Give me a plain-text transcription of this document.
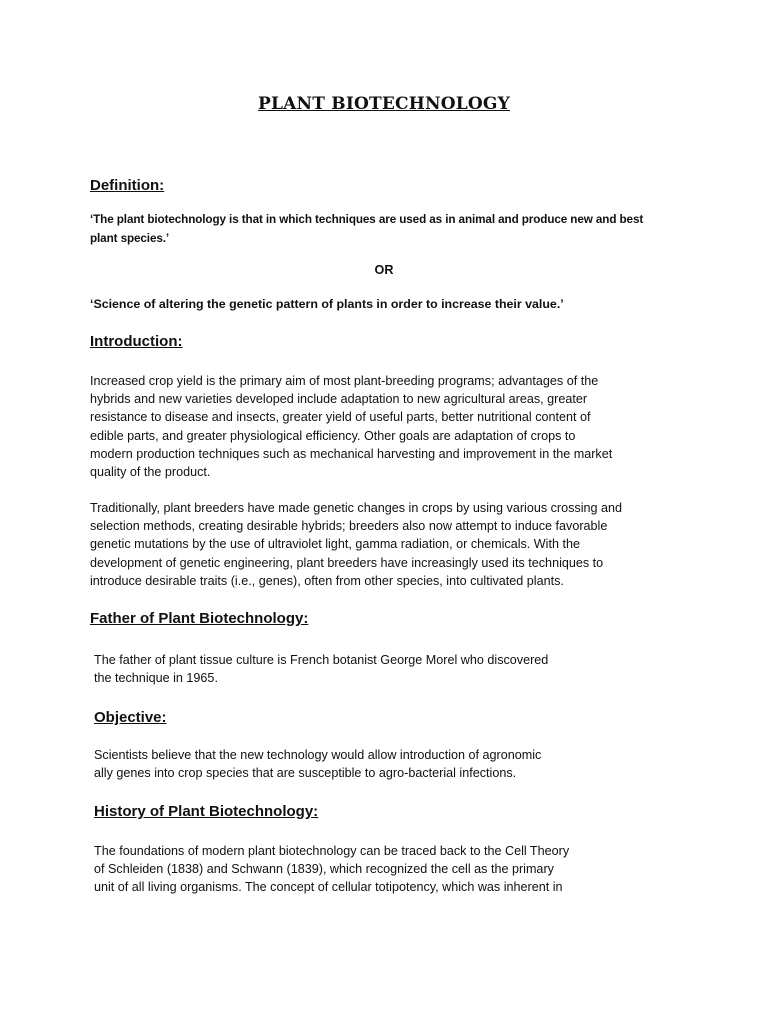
PLANT BIOTECHNOLOGY
Definition:

‘The plant biotechnology is that in which techniques are used as in animal and produce new and best
plant species.’

OR

‘Science of altering the genetic pattern of plants in order to increase their value.’

Introduction:

Increased crop yield is the primary aim of most plant-breeding programs; advantages of the
hybrids and new varieties developed include adaptation to new agricultural areas, greater
resistance to disease and insects, greater yield of useful parts, better nutritional content of
edible parts, and greater physiological efficiency. Other goals are adaptation of crops to
modern production techniques such as mechanical harvesting and improvement in the market
quality of the product.

Traditionally, plant breeders have made genetic changes in crops by using various crossing and
selection methods, creating desirable hybrids; breeders also now attempt to induce favorable
genetic mutations by the use of ultraviolet light, gamma radiation, or chemicals. With the
development of genetic engineering, plant breeders have increasingly used its techniques to
introduce desirable traits (i.e., genes), often from other species, into cultivated plants.

Father of Plant Biotechnology:

The father of plant tissue culture is French botanist George Morel who discovered
the technique in 1965.

Objective:

Scientists believe that the new technology would allow introduction of agronomic
ally genes into crop species that are susceptible to agro-bacterial infections.

History of Plant Biotechnology:

The foundations of modern plant biotechnology can be traced back to the Cell Theory
of Schleiden (1838) and Schwann (1839), which recognized the cell as the primary
unit of all living organisms. The concept of cellular totipotency, which was inherent in
